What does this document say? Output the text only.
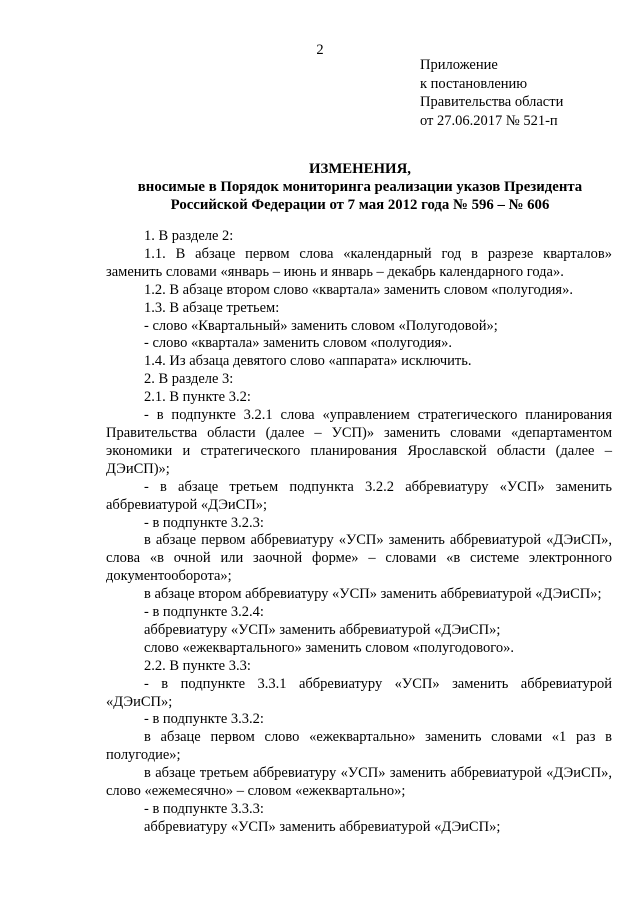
2
Приложение
к постановлению
Правительства области
от 27.06.2017 № 521-п
ИЗМЕНЕНИЯ,
вносимые в Порядок мониторинга реализации указов Президента
Российской Федерации от 7 мая 2012 года № 596 – № 606

1. В разделе 2:

1.1. В абзаце первом слова «календарный год в разрезе кварталов» заменить словами «январь – июнь и январь – декабрь календарного года».

1.2. В абзаце втором слово «квартала» заменить словом «полугодия».

1.3. В абзаце третьем:

- слово «Квартальный» заменить словом «Полугодовой»;

- слово «квартала» заменить словом «полугодия».

1.4. Из абзаца девятого слово «аппарата» исключить.

2. В разделе 3:

2.1. В пункте 3.2:

- в подпункте 3.2.1 слова «управлением стратегического планирования Правительства области (далее – УСП)» заменить словами «департаментом экономики и стратегического планирования Ярославской области (далее – ДЭиСП)»;

- в абзаце третьем подпункта 3.2.2 аббревиатуру «УСП» заменить аббревиатурой «ДЭиСП»;

- в подпункте 3.2.3:

в абзаце первом аббревиатуру «УСП» заменить аббревиатурой «ДЭиСП», слова «в очной или заочной форме» – словами «в системе электронного документооборота»;

в абзаце втором аббревиатуру «УСП» заменить аббревиатурой «ДЭиСП»;

- в подпункте 3.2.4:

аббревиатуру «УСП» заменить аббревиатурой «ДЭиСП»;

слово «ежеквартального» заменить словом «полугодового».

2.2. В пункте 3.3:

- в подпункте 3.3.1 аббревиатуру «УСП» заменить аббревиатурой «ДЭиСП»;

- в подпункте 3.3.2:

в абзаце первом слово «ежеквартально» заменить словами «1 раз в полугодие»;

в абзаце третьем аббревиатуру «УСП» заменить аббревиатурой «ДЭиСП», слово «ежемесячно» – словом «ежеквартально»;

- в подпункте 3.3.3:

аббревиатуру «УСП» заменить аббревиатурой «ДЭиСП»;
